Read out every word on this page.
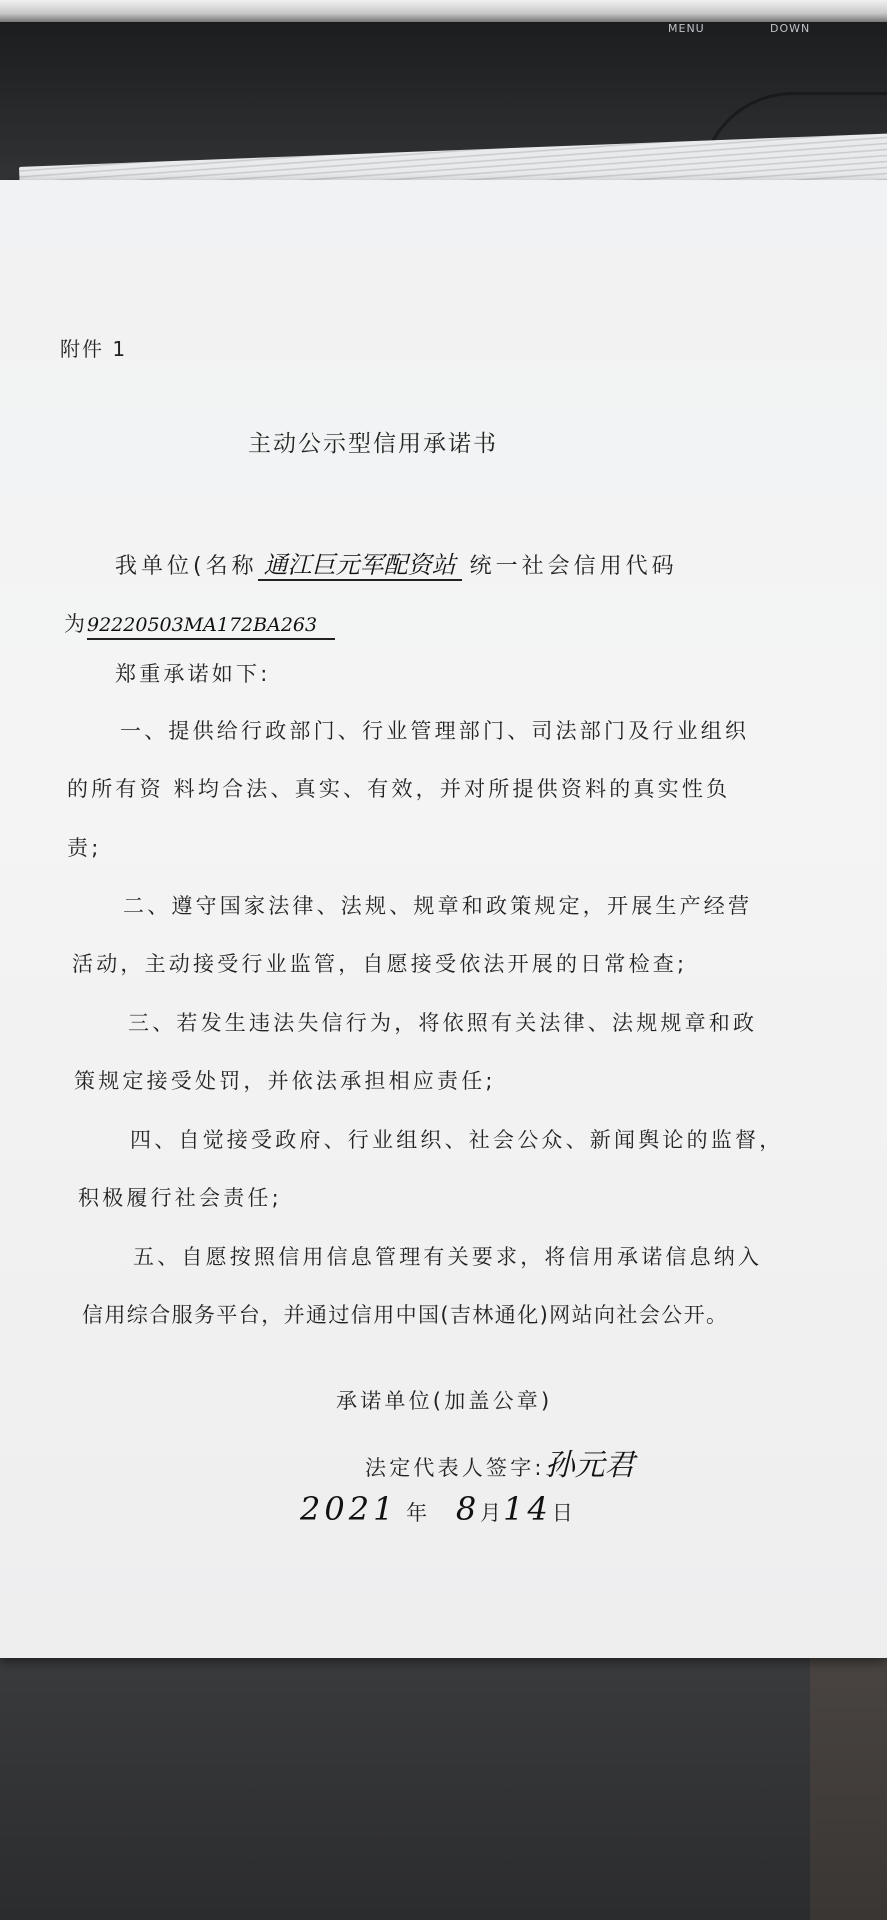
MENU	DOWN
附件 1
主动公示型信用承诺书
我单位(名称 通江巨元军配资站 统一社会信用代码
为92220503MA172BA263
郑重承诺如下:
一、提供给行政部门、行业管理部门、司法部门及行业组织
的所有资 料均合法、真实、有效，并对所提供资料的真实性负
责;
二、遵守国家法律、法规、规章和政策规定，开展生产经营
活动，主动接受行业监管，自愿接受依法开展的日常检查;
三、若发生违法失信行为，将依照有关法律、法规规章和政
策规定接受处罚，并依法承担相应责任;
四、自觉接受政府、行业组织、社会公众、新闻舆论的监督，
积极履行社会责任;
五、自愿按照信用信息管理有关要求，将信用承诺信息纳入
信用综合服务平台，并通过信用中国(吉林通化)网站向社会公开。
承诺单位(加盖公章)
法定代表人签字:孙元君
2021 年 8月14日
